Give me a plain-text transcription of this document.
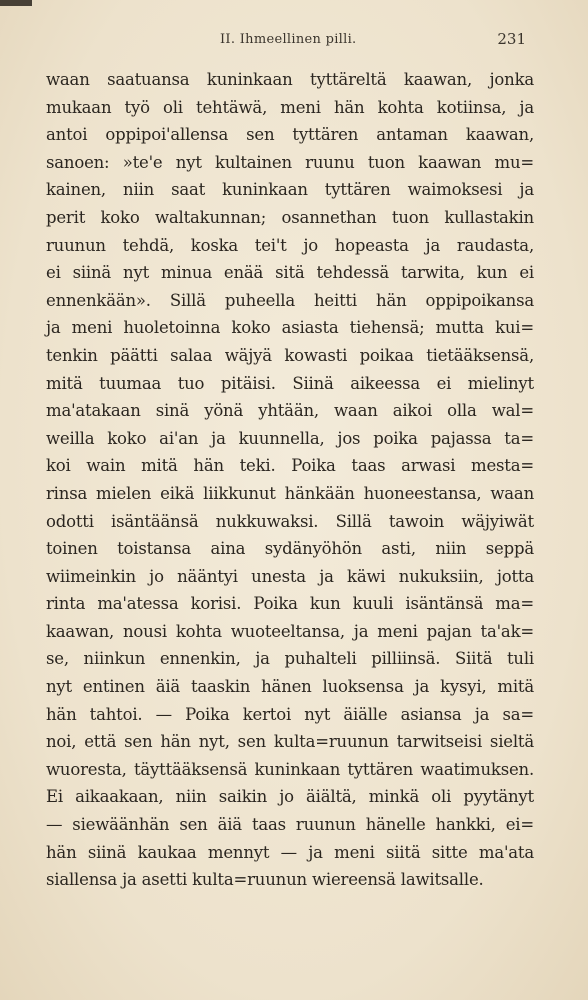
II. Ihmeellinen pilli.	231
waan saatuansa kuninkaan tyttäreltä kaawan, jonka
mukaan työ oli tehtäwä, meni hän kohta kotiinsa, ja
antoi oppipoi'allensa sen tyttären antaman kaawan,
sanoen: »te'e nyt kultainen ruunu tuon kaawan mu=
kainen, niin saat kuninkaan tyttären waimoksesi ja
perit koko waltakunnan; osannethan tuon kullastakin
ruunun tehdä, koska tei't jo hopeasta ja raudasta,
ei siinä nyt minua enää sitä tehdessä tarwita, kun ei
ennenkään». Sillä puheella heitti hän oppipoikansa
ja meni huoletoinna koko asiasta tiehensä; mutta kui=
tenkin päätti salaa wäjyä kowasti poikaa tietääksensä,
mitä tuumaa tuo pitäisi. Siinä aikeessa ei mielinyt
ma'atakaan sinä yönä yhtään, waan aikoi olla wal=
weilla koko ai'an ja kuunnella, jos poika pajassa ta=
koi wain mitä hän teki. Poika taas arwasi mesta=
rinsa mielen eikä liikkunut hänkään huoneestansa, waan
odotti isäntäänsä nukkuwaksi. Sillä tawoin wäjyiwät
toinen toistansa aina sydänyöhön asti, niin seppä
wiimeinkin jo nääntyi unesta ja käwi nukuksiin, jotta
rinta ma'atessa korisi. Poika kun kuuli isäntänsä ma=
kaawan, nousi kohta wuoteeltansa, ja meni pajan ta'ak=
se, niinkun ennenkin, ja puhalteli pilliinsä. Siitä tuli
nyt entinen äiä taaskin hänen luoksensa ja kysyi, mitä
hän tahtoi. — Poika kertoi nyt äiälle asiansa ja sa=
noi, että sen hän nyt, sen kulta=ruunun tarwitseisi sieltä
wuoresta, täyttääksensä kuninkaan tyttären waatimuksen.
Ei aikaakaan, niin saikin jo äiältä, minkä oli pyytänyt
— siewäänhän sen äiä taas ruunun hänelle hankki, ei=
hän siinä kaukaa mennyt — ja meni siitä sitte ma'ata
siallensa ja asetti kulta=ruunun wiereensä lawitsalle.
